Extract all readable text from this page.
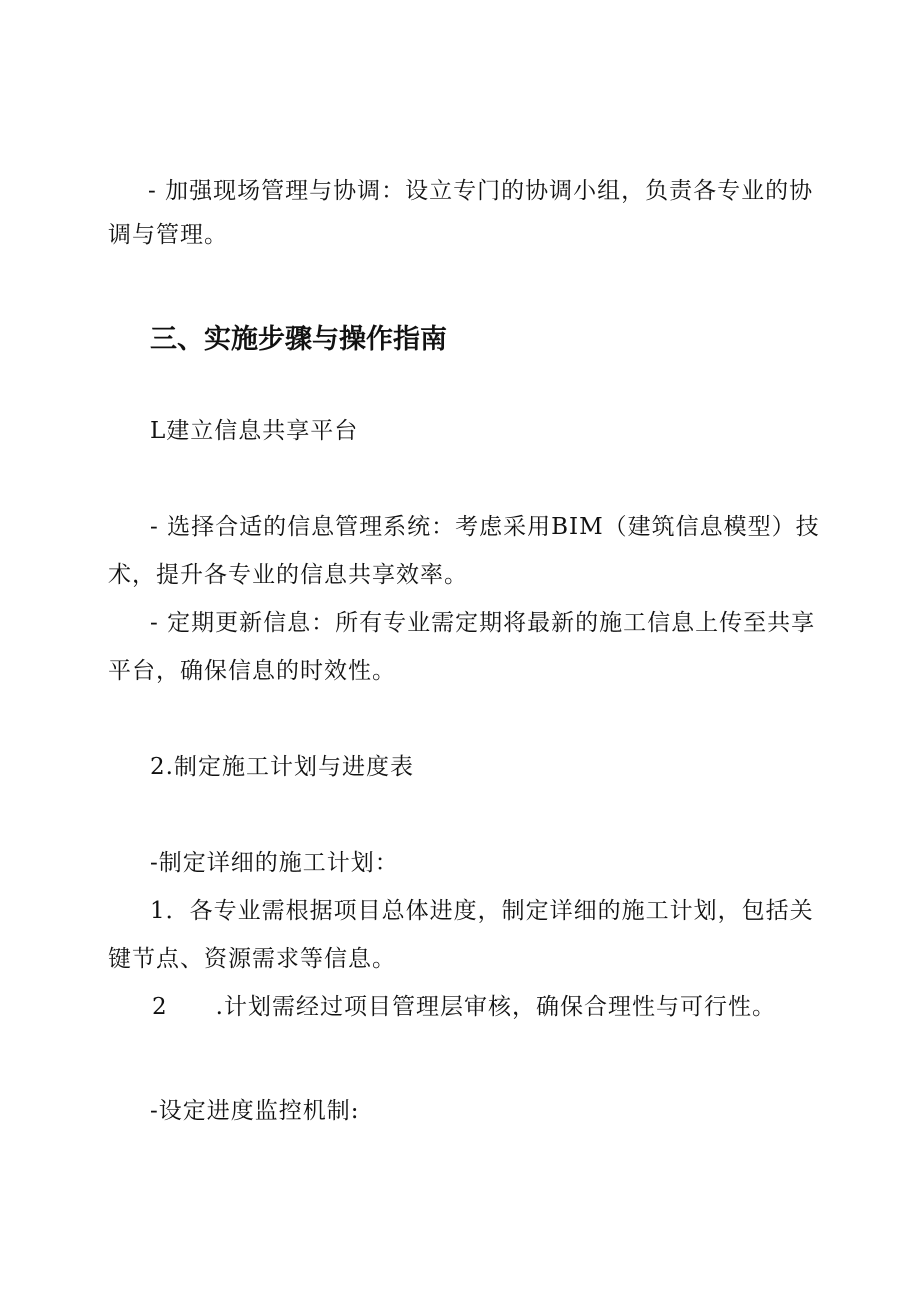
- 加强现场管理与协调：设立专门的协调小组，负责各专业的协
调与管理。
三、实施步骤与操作指南
L建立信息共享平台
- 选择合适的信息管理系统：考虑采用BIM（建筑信息模型）技
术，提升各专业的信息共享效率。
- 定期更新信息：所有专业需定期将最新的施工信息上传至共享
平台，确保信息的时效性。
2.制定施工计划与进度表
-制定详细的施工计划：
1．各专业需根据项目总体进度，制定详细的施工计划，包括关
键节点、资源需求等信息。
2 .计划需经过项目管理层审核，确保合理性与可行性。
-设定进度监控机制:
